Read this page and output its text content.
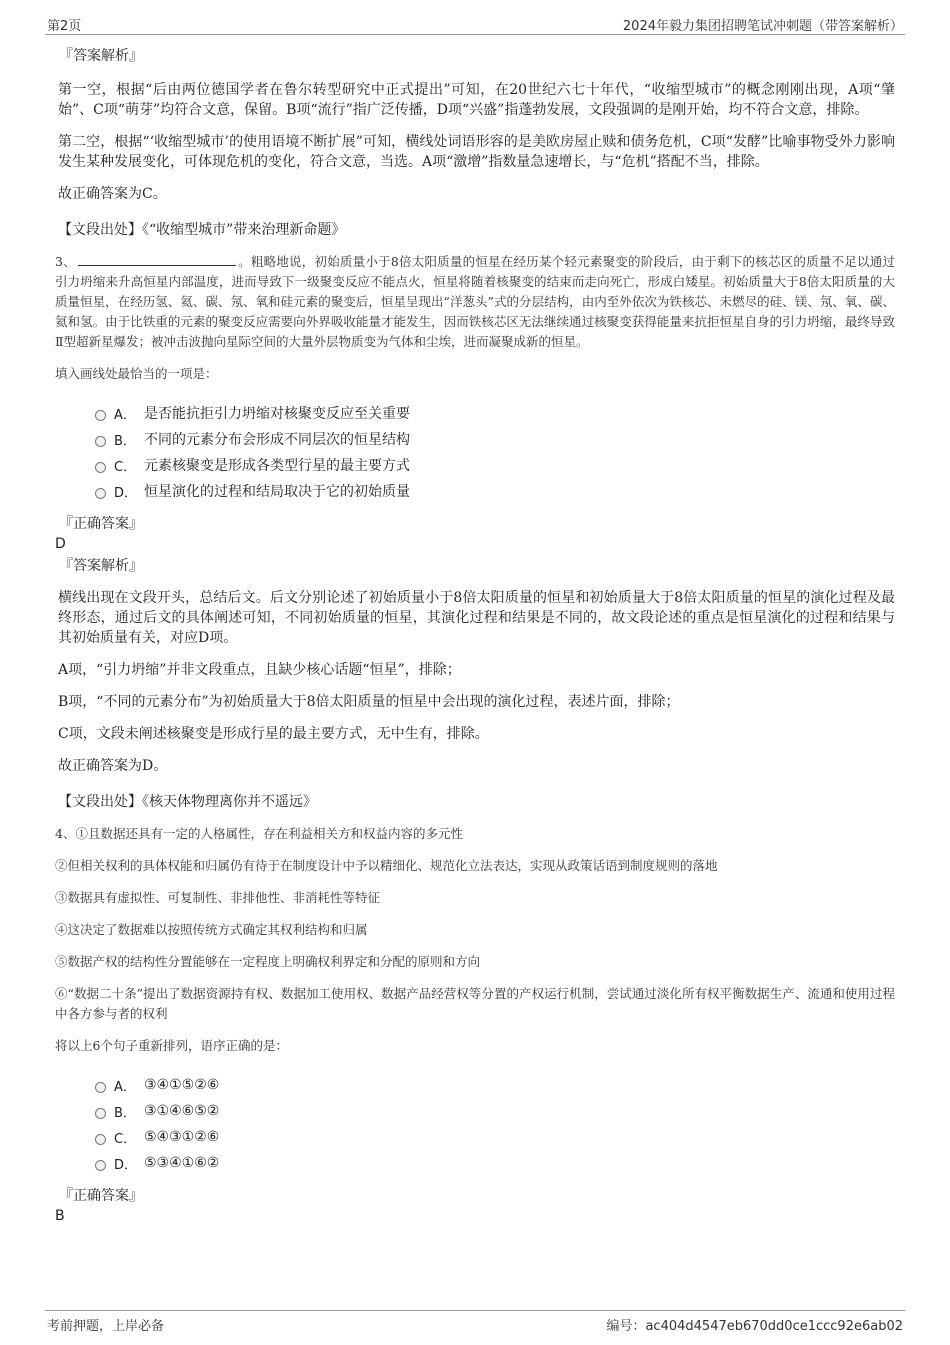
第2页	2024年毅力集团招聘笔试冲刺题（带答案解析）
『答案解析』

第一空，根据“后由两位德国学者在鲁尔转型研究中正式提出”可知，在20世纪六七十年代，“收缩型城市”的概念刚刚出现，A项“肇始”、C项“萌芽”均符合文意，保留。B项“流行”指广泛传播，D项“兴盛”指蓬勃发展，文段强调的是刚开始，均不符合文意，排除。

第二空，根据“‘收缩型城市’的使用语境不断扩展”可知，横线处词语形容的是美欧房屋止赎和债务危机，C项“发酵”比喻事物受外力影响发生某种发展变化，可体现危机的变化，符合文意，当选。A项“激增”指数量急速增长，与“危机”搭配不当，排除。

故正确答案为C。

【文段出处】《“收缩型城市”带来治理新命题》

3、	。粗略地说，初始质量小于8倍太阳质量的恒星在经历某个轻元素聚变的阶段后，由于剩下的核芯区的质量不足以通过引力坍缩来升高恒星内部温度，进而导致下一级聚变反应不能点火，恒星将随着核聚变的结束而走向死亡，形成白矮星。初始质量大于8倍太阳质量的大质量恒星，在经历氢、氦、碳、氖、氧和硅元素的聚变后，恒星呈现出“洋葱头”式的分层结构，由内至外依次为铁核芯、未燃尽的硅、镁、氖、氧、碳、氦和氢。由于比铁重的元素的聚变反应需要向外界吸收能量才能发生，因而铁核芯区无法继续通过核聚变获得能量来抗拒恒星自身的引力坍缩，最终导致Ⅱ型超新星爆发；被冲击波抛向星际空间的大量外层物质变为气体和尘埃，进而凝聚成新的恒星。

填入画线处最恰当的一项是：

A． 是否能抗拒引力坍缩对核聚变反应至关重要
B． 不同的元素分布会形成不同层次的恒星结构
C． 元素核聚变是形成各类型行星的最主要方式
D． 恒星演化的过程和结局取决于它的初始质量
『正确答案』
D
『答案解析』

横线出现在文段开头，总结后文。后文分别论述了初始质量小于8倍太阳质量的恒星和初始质量大于8倍太阳质量的恒星的演化过程及最终形态，通过后文的具体阐述可知，不同初始质量的恒星，其演化过程和结果是不同的，故文段论述的重点是恒星演化的过程和结果与其初始质量有关，对应D项。

A项，“引力坍缩”并非文段重点，且缺少核心话题“恒星”，排除；

B项，“不同的元素分布”为初始质量大于8倍太阳质量的恒星中会出现的演化过程，表述片面，排除；

C项，文段未阐述核聚变是形成行星的最主要方式，无中生有，排除。

故正确答案为D。

【文段出处】《核天体物理离你并不遥远》

4、①且数据还具有一定的人格属性，存在利益相关方和权益内容的多元性

②但相关权利的具体权能和归属仍有待于在制度设计中予以精细化、规范化立法表达，实现从政策话语到制度规则的落地

③数据具有虚拟性、可复制性、非排他性、非消耗性等特征

④这决定了数据难以按照传统方式确定其权利结构和归属

⑤数据产权的结构性分置能够在一定程度上明确权利界定和分配的原则和方向

⑥“数据二十条”提出了数据资源持有权、数据加工使用权、数据产品经营权等分置的产权运行机制，尝试通过淡化所有权平衡数据生产、流通和使用过程中各方参与者的权利

将以上6个句子重新排列，语序正确的是：

A． ③④①⑤②⑥
B． ③①④⑥⑤②
C． ⑤④③①②⑥
D． ⑤③④①⑥②
『正确答案』
B
考前押题，上岸必备	编号：ac404d4547eb670dd0ce1ccc92e6ab02
